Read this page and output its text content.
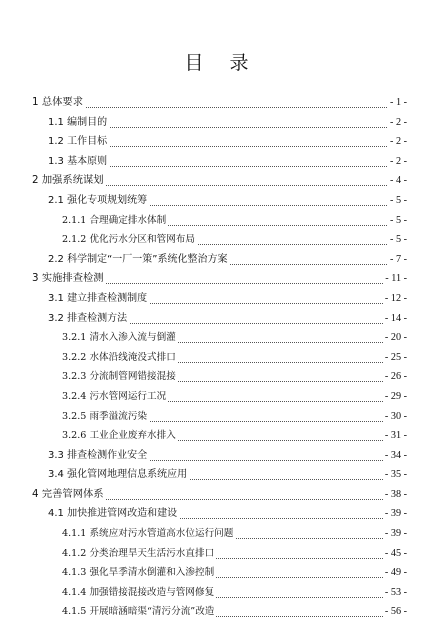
目 录
1 总体要求	- 1 -
1.1 编制目的	- 2 -
1.2 工作目标	- 2 -
1.3 基本原则	- 2 -
2 加强系统谋划	- 4 -
2.1 强化专项规划统筹	- 5 -
2.1.1 合理确定排水体制	- 5 -
2.1.2 优化污水分区和管网布局	- 5 -
2.2 科学制定“一厂一策”系统化整治方案	- 7 -
3 实施排查检测	- 11 -
3.1 建立排查检测制度	- 12 -
3.2 排查检测方法	- 14 -
3.2.1 清水入渗入流与倒灌	- 20 -
3.2.2 水体沿线淹没式排口	- 25 -
3.2.3 分流制管网错接混接	- 26 -
3.2.4 污水管网运行工况	- 29 -
3.2.5 雨季溢流污染	- 30 -
3.2.6 工业企业废弃水排入	- 31 -
3.3 排查检测作业安全	- 34 -
3.4 强化管网地理信息系统应用	- 35 -
4 完善管网体系	- 38 -
4.1 加快推进管网改造和建设	- 39 -
4.1.1 系统应对污水管道高水位运行问题	- 39 -
4.1.2 分类治理旱天生活污水直排口	- 45 -
4.1.3 强化旱季清水倒灌和入渗控制	- 49 -
4.1.4 加强错接混接改造与管网修复	- 53 -
4.1.5 开展暗涵暗渠“清污分流”改造	- 56 -
